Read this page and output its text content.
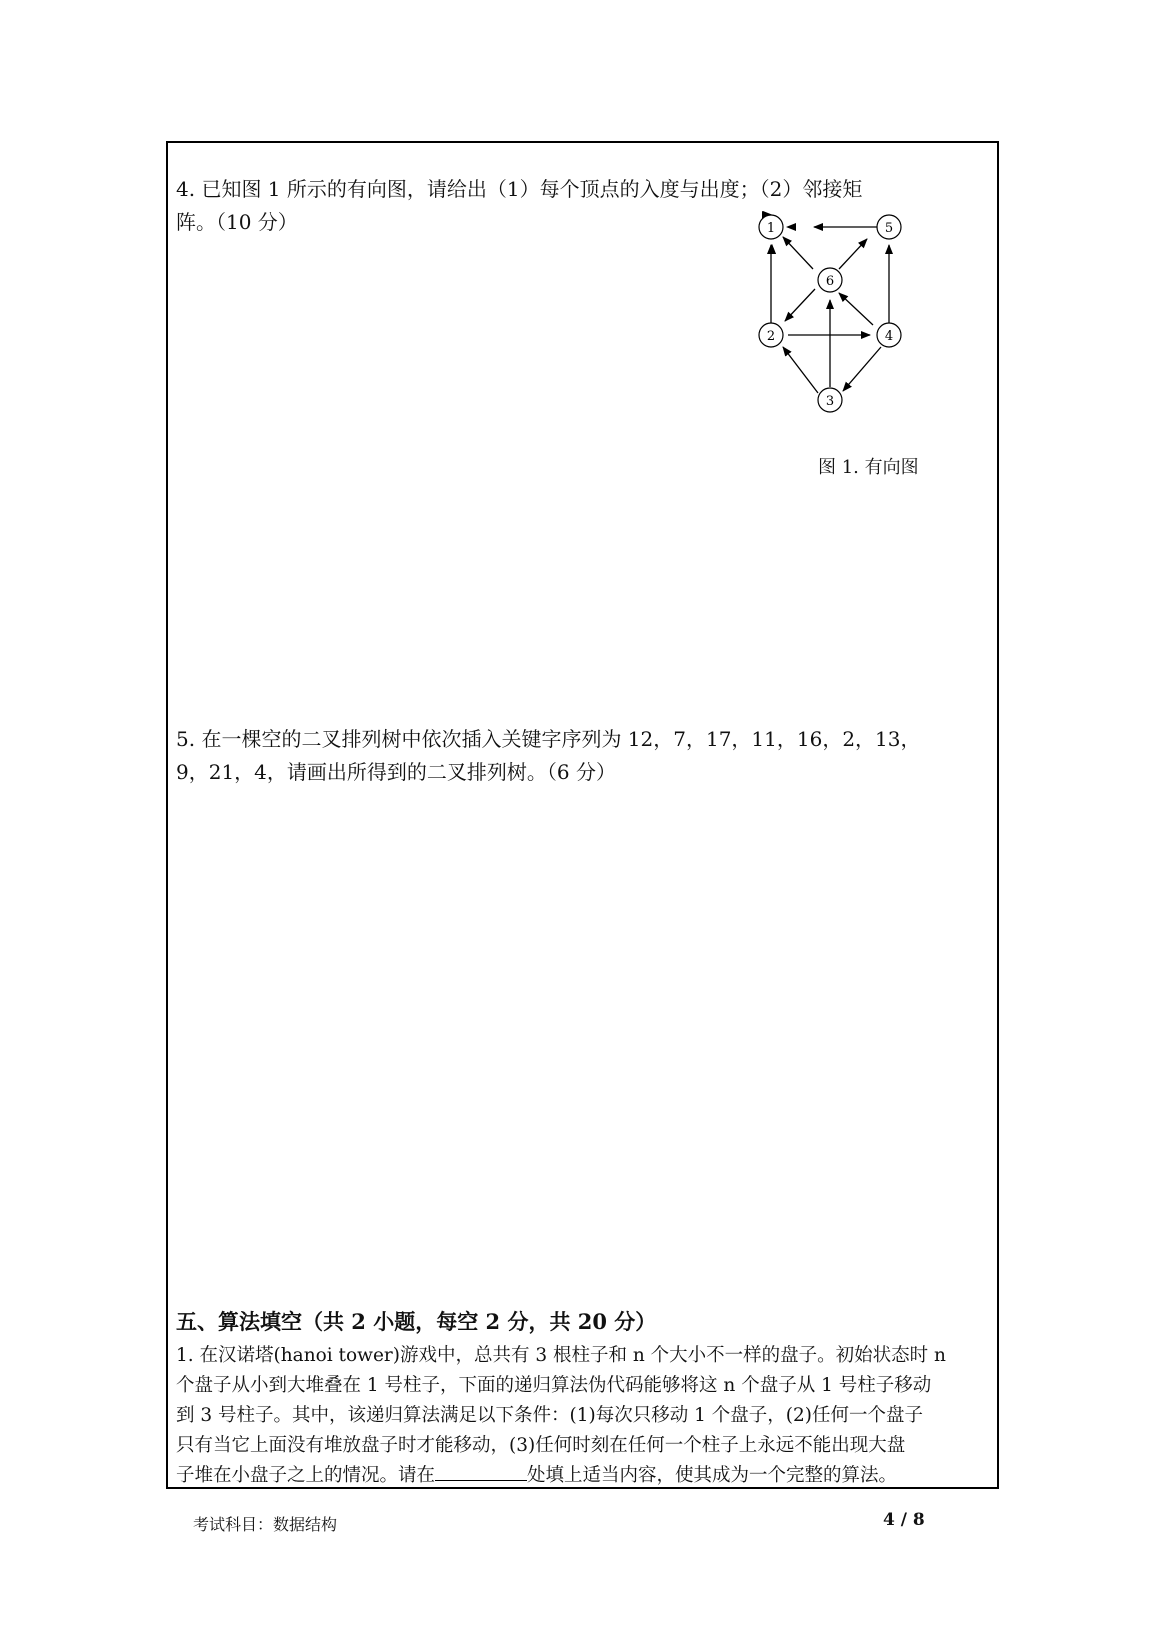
4. 已知图 1 所示的有向图，请给出（1）每个顶点的入度与出度；（2）邻接矩
阵。（10 分）	1	5
6
2	4
3
图 1. 有向图
5. 在一棵空的二叉排列树中依次插入关键字序列为 12，7，17，11，16，2，13，
9，21，4，请画出所得到的二叉排列树。（6 分）
五、算法填空（共 2 小题，每空 2 分，共 20 分）
1. 在汉诺塔(hanoi tower)游戏中，总共有 3 根柱子和 n 个大小不一样的盘子。初始状态时 n
个盘子从小到大堆叠在 1 号柱子，下面的递归算法伪代码能够将这 n 个盘子从 1 号柱子移动
到 3 号柱子。其中，该递归算法满足以下条件：(1)每次只移动 1 个盘子，(2)任何一个盘子
只有当它上面没有堆放盘子时才能移动，(3)任何时刻在任何一个柱子上永远不能出现大盘
子堆在小盘子之上的情况。请在	处填上适当内容，使其成为一个完整的算法。
考试科目：数据结构	4 / 8
